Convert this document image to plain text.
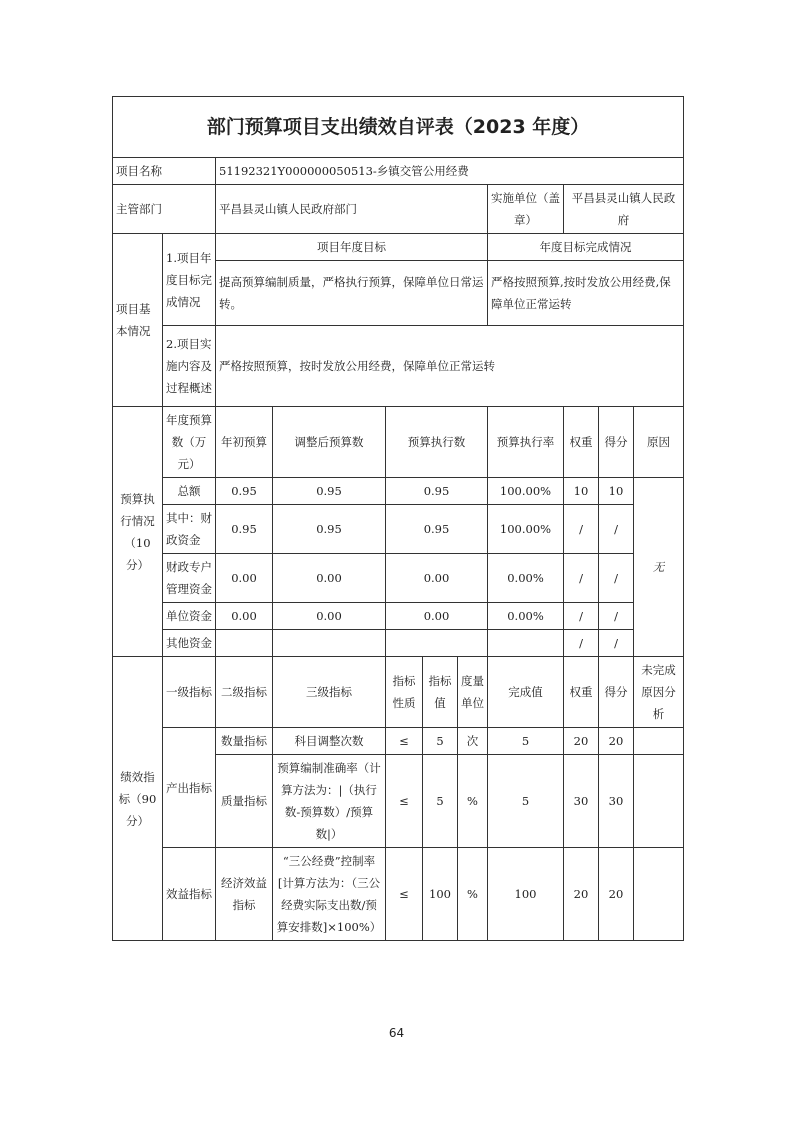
部门预算项目支出绩效自评表（2023 年度）										
项目名称		51192321Y000000050513-乡镇交管公用经费								
主管部门		平昌县灵山镇人民政府部门					实施单位（盖章）	平昌县灵山镇人民政府		
项目基本情况	1.项目年度目标完成情况	项目年度目标					年度目标完成情况			
		提高预算编制质量，严格执行预算，保障单位日常运转。					严格按照预算,按时发放公用经费,保障单位正常运转			
	2.项目实施内容及过程概述	严格按照预算，按时发放公用经费，保障单位正常运转								
预算执行情况（10分）	年度预算数（万元）	年初预算	调整后预算数	预算执行数			预算执行率	权重	得分	原因
	总额	0.95	0.95	0.95			100.00%	10	10	无
	其中：财政资金	0.95	0.95	0.95			100.00%	/	/	
	财政专户管理资金	0.00	0.00	0.00			0.00%	/	/	
	单位资金	0.00	0.00	0.00			0.00%	/	/	
	其他资金							/	/	
绩效指标（90分）	一级指标	二级指标	三级指标	指标性质	指标值	度量单位	完成值	权重	得分	未完成原因分析
	产出指标	数量指标	科目调整次数	≤	5	次	5	20	20	
		质量指标	预算编制准确率（计算方法为：|（执行数-预算数）/预算数|）	≤	5	%	5	30	30	
	效益指标	经济效益指标	“三公经费”控制率[计算方法为：（三公经费实际支出数/预算安排数]×100%）	≤	100	%	100	20	20	
64
